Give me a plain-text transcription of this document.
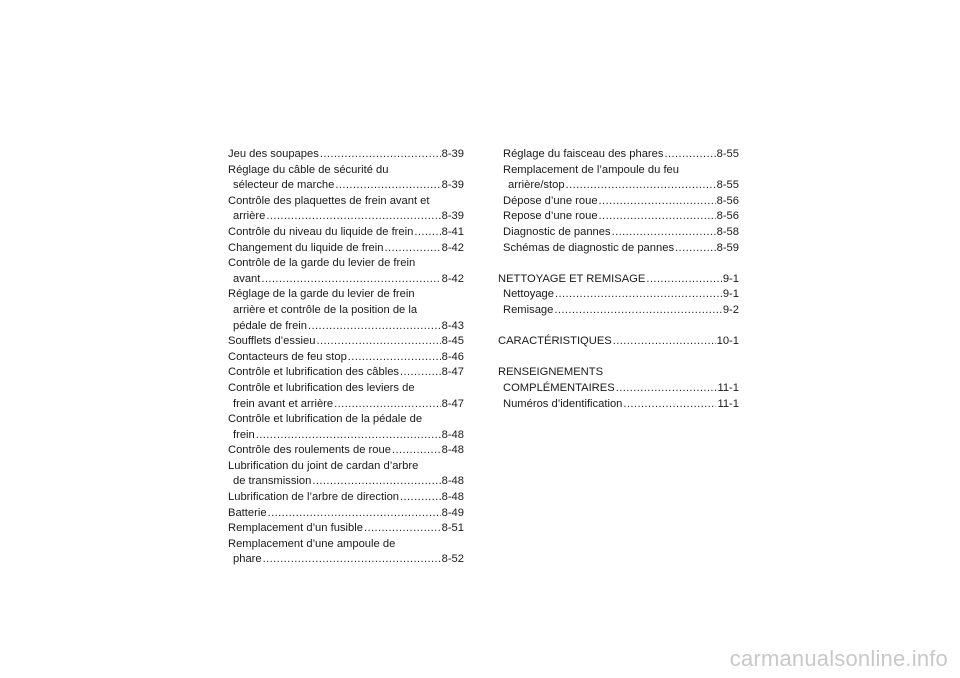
Jeu des soupapes .....	8-39
Réglage du câble de sécurité du
sélecteur de marche .....	8-39
Contrôle des plaquettes de frein avant et
arrière .....	8-39
Contrôle du niveau du liquide de frein .....	8-41
Changement du liquide de frein .....	8-42
Contrôle de la garde du levier de frein
avant .....	8-42
Réglage de la garde du levier de frein
arrière et contrôle de la position de la
pédale de frein .....	8-43
Soufflets d’essieu .....	8-45
Contacteurs de feu stop .....	8-46
Contrôle et lubrification des câbles .....	8-47
Contrôle et lubrification des leviers de
frein avant et arrière .....	8-47
Contrôle et lubrification de la pédale de
frein .....	8-48
Contrôle des roulements de roue .....	8-48
Lubrification du joint de cardan d’arbre
de transmission .....	8-48
Lubrification de l’arbre de direction .....	8-48
Batterie .....	8-49
Remplacement d’un fusible .....	8-51
Remplacement d’une ampoule de
phare .....	8-52
Réglage du faisceau des phares .....	8-55
Remplacement de l’ampoule du feu
arrière/stop .....	8-55
Dépose d’une roue .....	8-56
Repose d’une roue .....	8-56
Diagnostic de pannes .....	8-58
Schémas de diagnostic de pannes .....	8-59
NETTOYAGE ET REMISAGE .....	9-1
Nettoyage .....	9-1
Remisage .....	9-2
CARACTÉRISTIQUES .....	10-1
RENSEIGNEMENTS
COMPLÉMENTAIRES .....	11-1
Numéros d’identification .....	11-1
carmanualsonline.info
